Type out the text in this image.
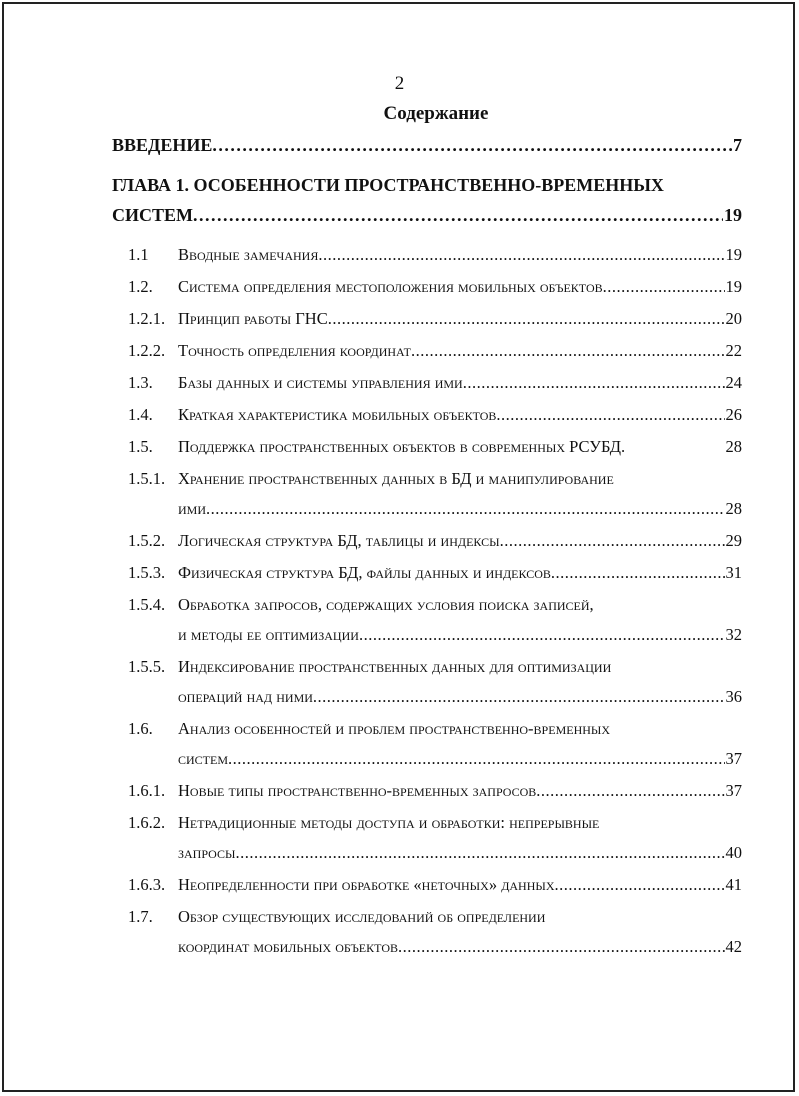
2
Содержание
ВВЕДЕНИЕ .....	7
ГЛАВА 1. ОСОБЕННОСТИ ПРОСТРАНСТВЕННО-ВРЕМЕННЫХ
СИСТЕМ .....	19
1.1	Вводные замечания .....	19
1.2.	Система определения местоположения мобильных объектов .....	19
1.2.1. Принцип работы ГНС .....	20
1.2.2. Точность определения координат .....	22
1.3.	Базы данных и системы управления ими .....	24
1.4.	Краткая характеристика мобильных объектов .....	26
1.5.	Поддержка пространственных объектов в современных РСУБД.	28
1.5.1. Хранение пространственных данных в БД и манипулирование
ими .....	28
1.5.2. Логическая структура БД, таблицы и индексы .....	29
1.5.3. Физическая структура БД, файлы данных и индексов .....	31
1.5.4. Обработка запросов, содержащих условия поиска записей,
и методы ее оптимизации .....	32
1.5.5. Индексирование пространственных данных для оптимизации
операций над ними .....	36
1.6.	Анализ особенностей и проблем пространственно-временных
систем .....	37
1.6.1. Новые типы пространственно-временных запросов .....	37
1.6.2. Нетрадиционные методы доступа и обработки: непрерывные
запросы .....	40
1.6.3. Неопределенности при обработке «неточных» данных .....	41
1.7.	Обзор существующих исследований об определении
координат мобильных объектов .....	42
